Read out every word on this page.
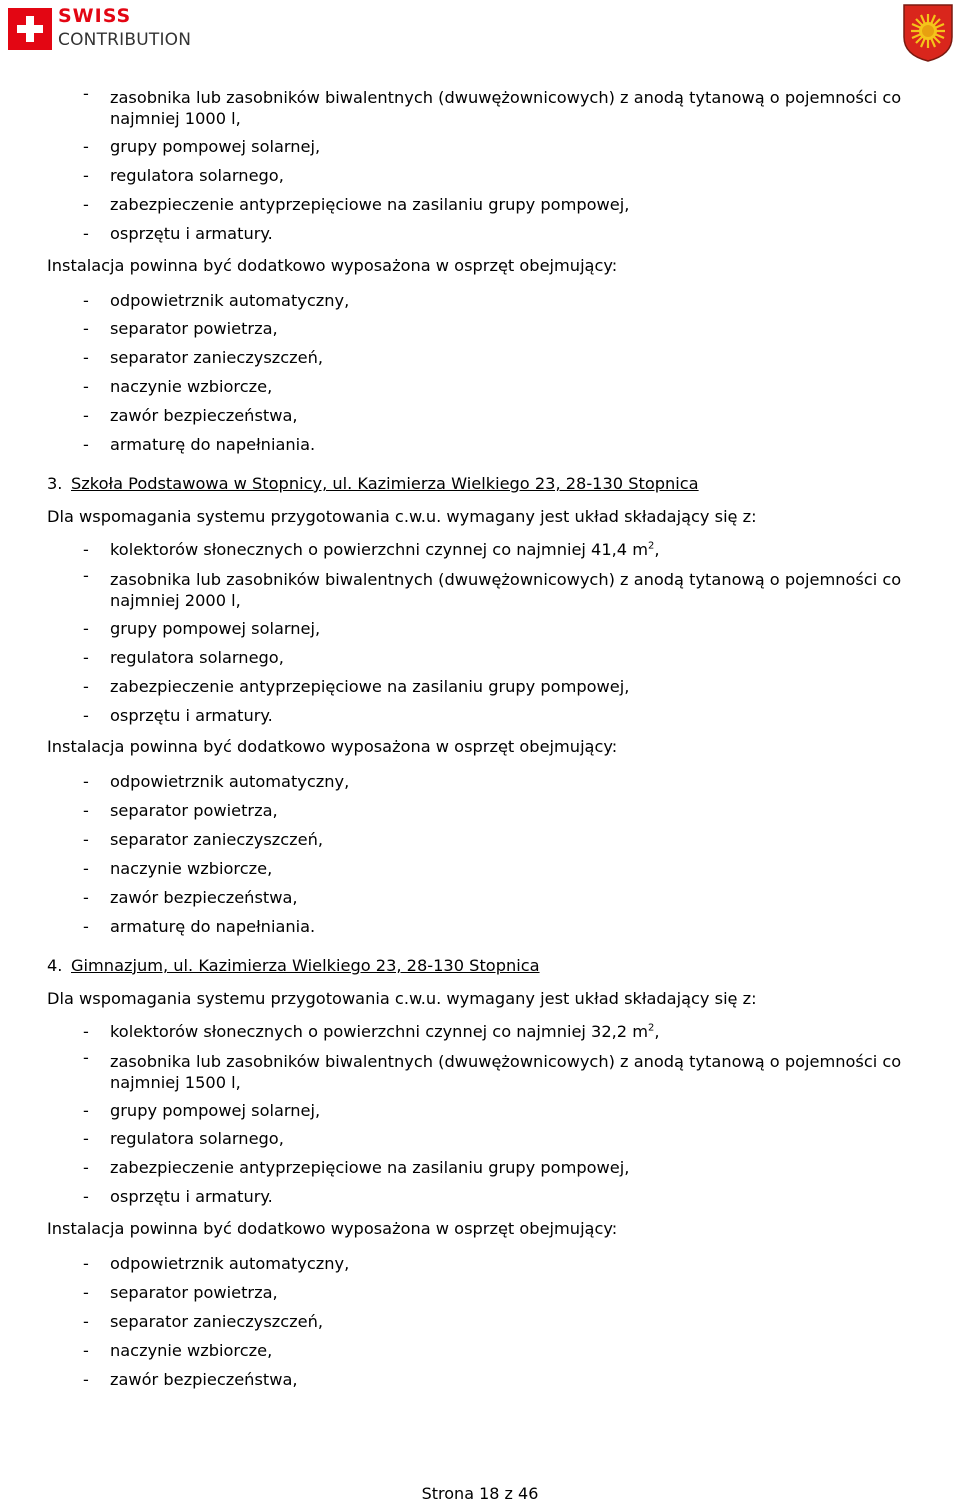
SWISS
CONTRIBUTION
- zasobnika lub zasobników biwalentnych (dwuwężownicowych) z anodą tytanową o pojemności co najmniej 1000 l,
- grupy pompowej solarnej,
- regulatora solarnego,
- zabezpieczenie antyprzepięciowe na zasilaniu grupy pompowej,
- osprzętu i armatury.

Instalacja powinna być dodatkowo wyposażona w osprzęt obejmujący:

- odpowietrznik automatyczny,
- separator powietrza,
- separator zanieczyszczeń,
- naczynie wzbiorcze,
- zawór bezpieczeństwa,
- armaturę do napełniania.
3. Szkoła Podstawowa w Stopnicy, ul. Kazimierza Wielkiego 23, 28-130 Stopnica

Dla wspomagania systemu przygotowania c.w.u. wymagany jest układ składający się z:

- kolektorów słonecznych o powierzchni czynnej co najmniej 41,4 $m^2$,
- zasobnika lub zasobników biwalentnych (dwuwężownicowych) z anodą tytanową o pojemności co najmniej 2000 l,
- grupy pompowej solarnej,
- regulatora solarnego,
- zabezpieczenie antyprzepięciowe na zasilaniu grupy pompowej,
- osprzętu i armatury.

Instalacja powinna być dodatkowo wyposażona w osprzęt obejmujący:

- odpowietrznik automatyczny,
- separator powietrza,
- separator zanieczyszczeń,
- naczynie wzbiorcze,
- zawór bezpieczeństwa,
- armaturę do napełniania.
4. Gimnazjum, ul. Kazimierza Wielkiego 23, 28-130 Stopnica

Dla wspomagania systemu przygotowania c.w.u. wymagany jest układ składający się z:

- kolektorów słonecznych o powierzchni czynnej co najmniej 32,2 $m^2$,
- zasobnika lub zasobników biwalentnych (dwuwężownicowych) z anodą tytanową o pojemności co najmniej 1500 l,
- grupy pompowej solarnej,
- regulatora solarnego,
- zabezpieczenie antyprzepięciowe na zasilaniu grupy pompowej,
- osprzętu i armatury.

Instalacja powinna być dodatkowo wyposażona w osprzęt obejmujący:

- odpowietrznik automatyczny,
- separator powietrza,
- separator zanieczyszczeń,
- naczynie wzbiorcze,
- zawór bezpieczeństwa,
Strona 18 z 46
